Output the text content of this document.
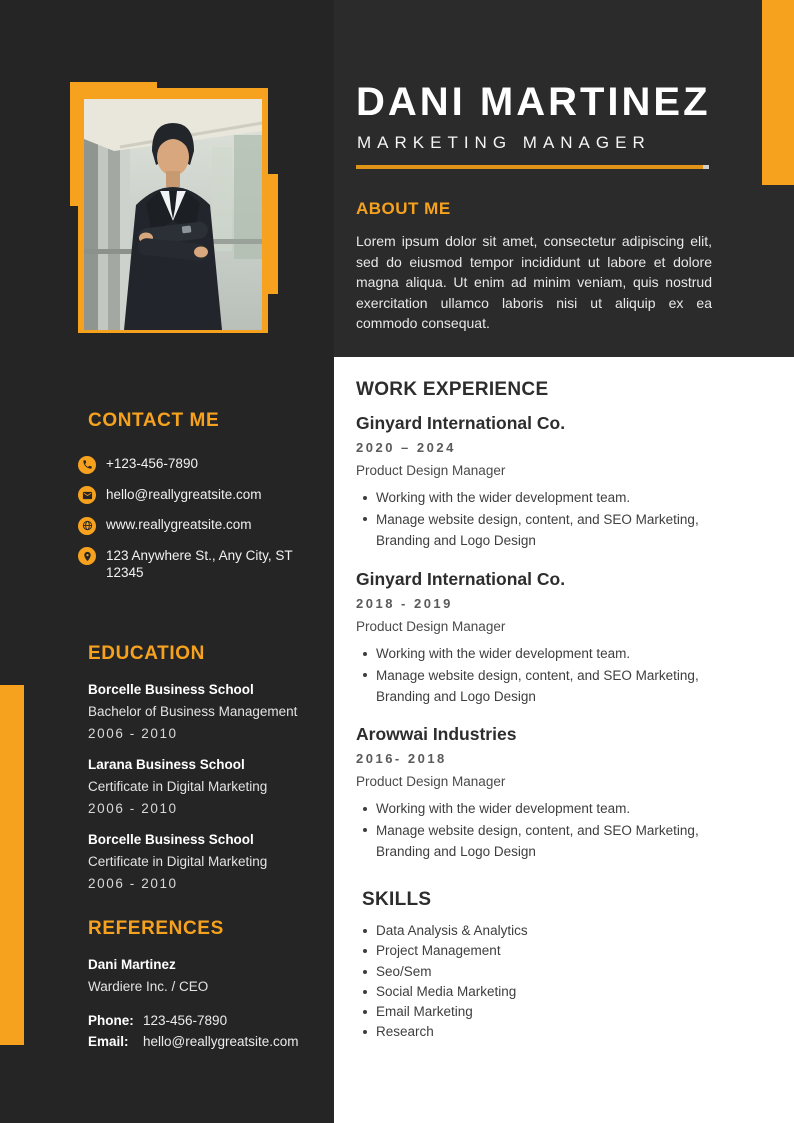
CONTACT ME
+123-456-7890
hello@reallygreatsite.com
www.reallygreatsite.com
123 Anywhere St., Any City, ST 12345
EDUCATION
Borcelle Business School
Bachelor of Business Management
2006 - 2010
Larana Business School
Certificate in Digital Marketing
2006 - 2010
Borcelle Business School
Certificate in Digital Marketing
2006 - 2010
REFERENCES
Dani Martinez
Wardiere Inc. / CEO
Phone: 123-456-7890
Email:	hello@reallygreatsite.com
DANI MARTINEZ
MARKETING MANAGER
ABOUT ME

Lorem ipsum dolor sit amet, consectetur adipiscing elit, sed do eiusmod tempor incididunt ut labore et dolore magna aliqua. Ut enim ad minim veniam, quis nostrud exercitation ullamco laboris nisi ut aliquip ex ea commodo consequat.

WORK EXPERIENCE
Ginyard International Co.
2020 – 2024
Product Design Manager
Working with the wider development team.
Manage website design, content, and SEO Marketing, Branding and Logo Design
Ginyard International Co.
2018 - 2019
Product Design Manager
Working with the wider development team.
Manage website design, content, and SEO Marketing, Branding and Logo Design
Arowwai Industries
2016- 2018
Product Design Manager
Working with the wider development team.
Manage website design, content, and SEO Marketing, Branding and Logo Design
SKILLS
Data Analysis & Analytics
Project Management
Seo/Sem
Social Media Marketing
Email Marketing
Research
